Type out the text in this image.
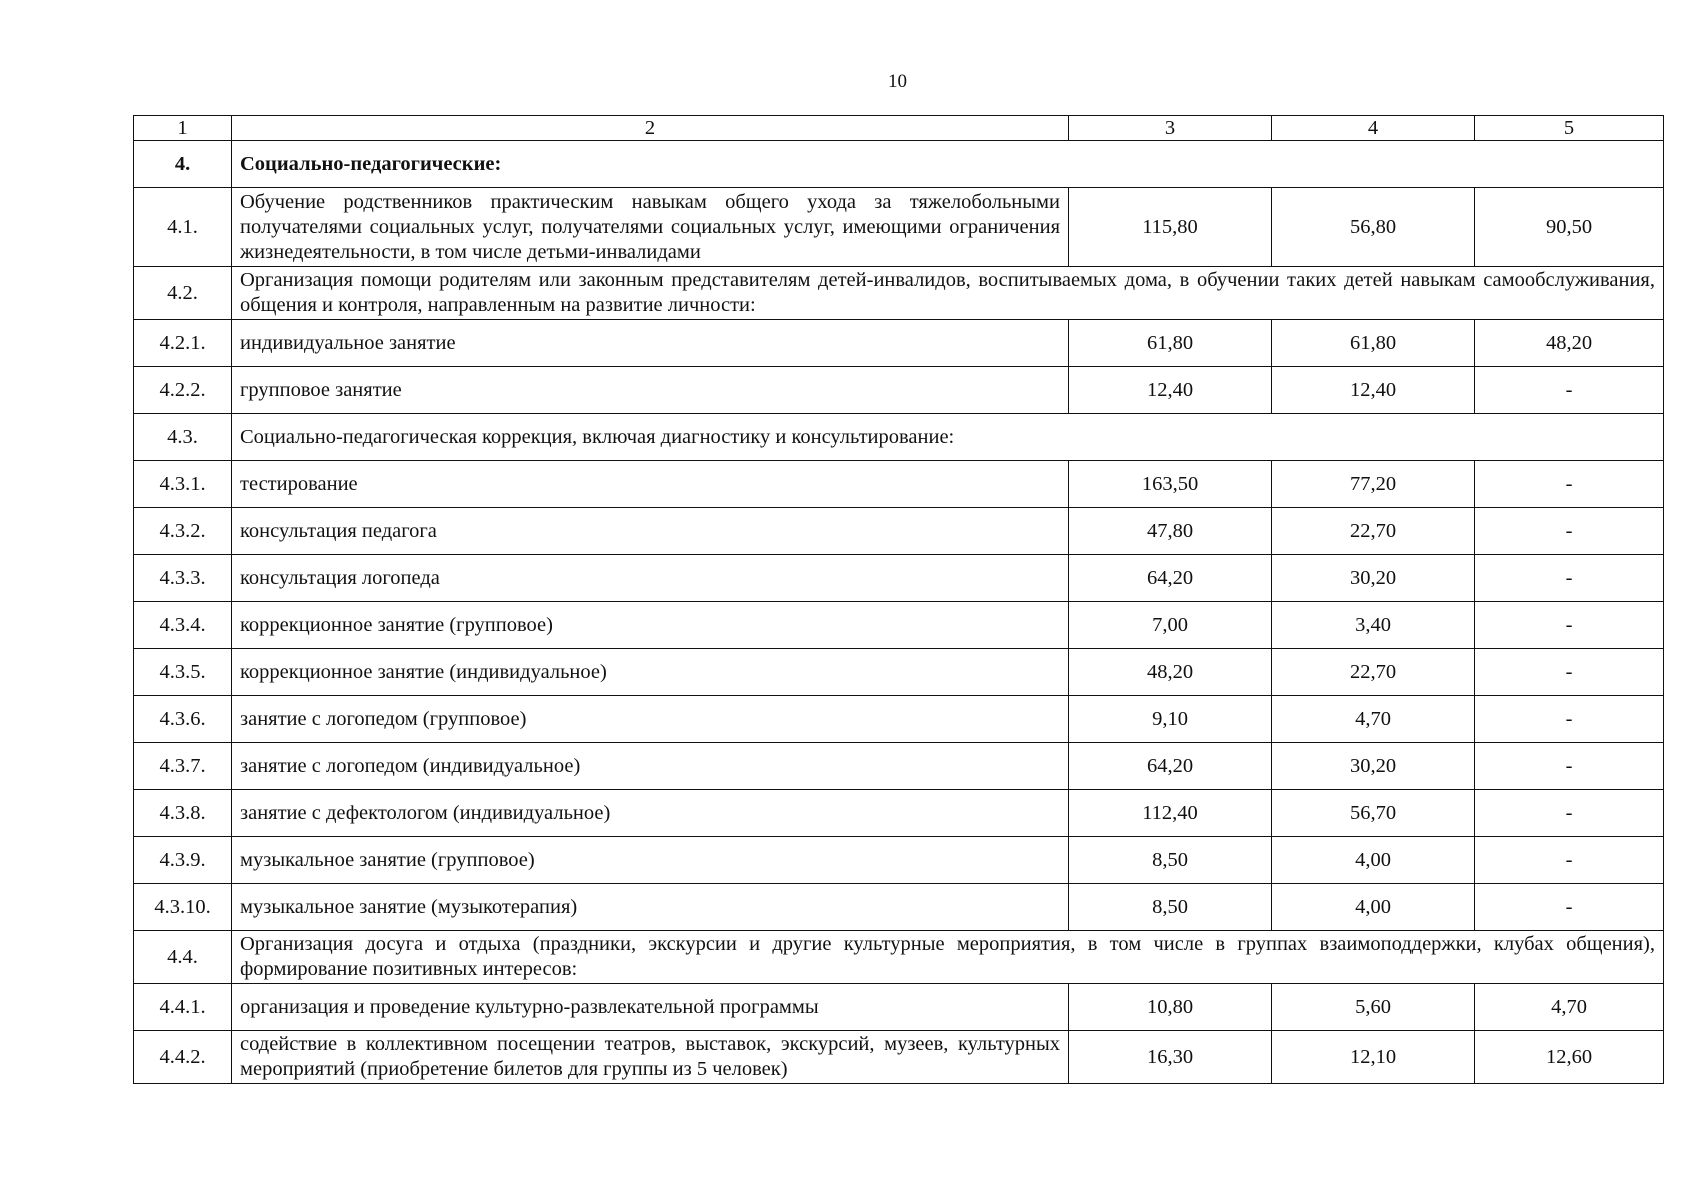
10
1	2	3	4	5
4.	Социально-педагогические:			
4.1.	Обучение родственников практическим навыкам общего ухода за тяжелобольными получателями социальных услуг, получателями социальных услуг, имеющими ограничения жизнедеятельности, в том числе детьми-инвалидами	115,80	56,80	90,50
4.2.	Организация помощи родителям или законным представителям детей-инвалидов, воспитываемых дома, в обучении таких детей навыкам самообслуживания, общения и контроля, направленным на развитие личности:			
4.2.1.	индивидуальное занятие	61,80	61,80	48,20
4.2.2.	групповое занятие	12,40	12,40	-
4.3.	Социально-педагогическая коррекция, включая диагностику и консультирование:			
4.3.1.	тестирование	163,50	77,20	-
4.3.2.	консультация педагога	47,80	22,70	-
4.3.3.	консультация логопеда	64,20	30,20	-
4.3.4.	коррекционное занятие (групповое)	7,00	3,40	-
4.3.5.	коррекционное занятие (индивидуальное)	48,20	22,70	-
4.3.6.	занятие с логопедом (групповое)	9,10	4,70	-
4.3.7.	занятие с логопедом (индивидуальное)	64,20	30,20	-
4.3.8.	занятие с дефектологом (индивидуальное)	112,40	56,70	-
4.3.9.	музыкальное занятие (групповое)	8,50	4,00	-
4.3.10.	музыкальное занятие (музыкотерапия)	8,50	4,00	-
4.4.	Организация досуга и отдыха (праздники, экскурсии и другие культурные мероприятия, в том числе в группах взаимоподдержки, клубах общения), формирование позитивных интересов:			
4.4.1.	организация и проведение культурно-развлекательной программы	10,80	5,60	4,70
4.4.2.	содействие в коллективном посещении театров, выставок, экскурсий, музеев, культурных мероприятий (приобретение билетов для группы из 5 человек)	16,30	12,10	12,60
